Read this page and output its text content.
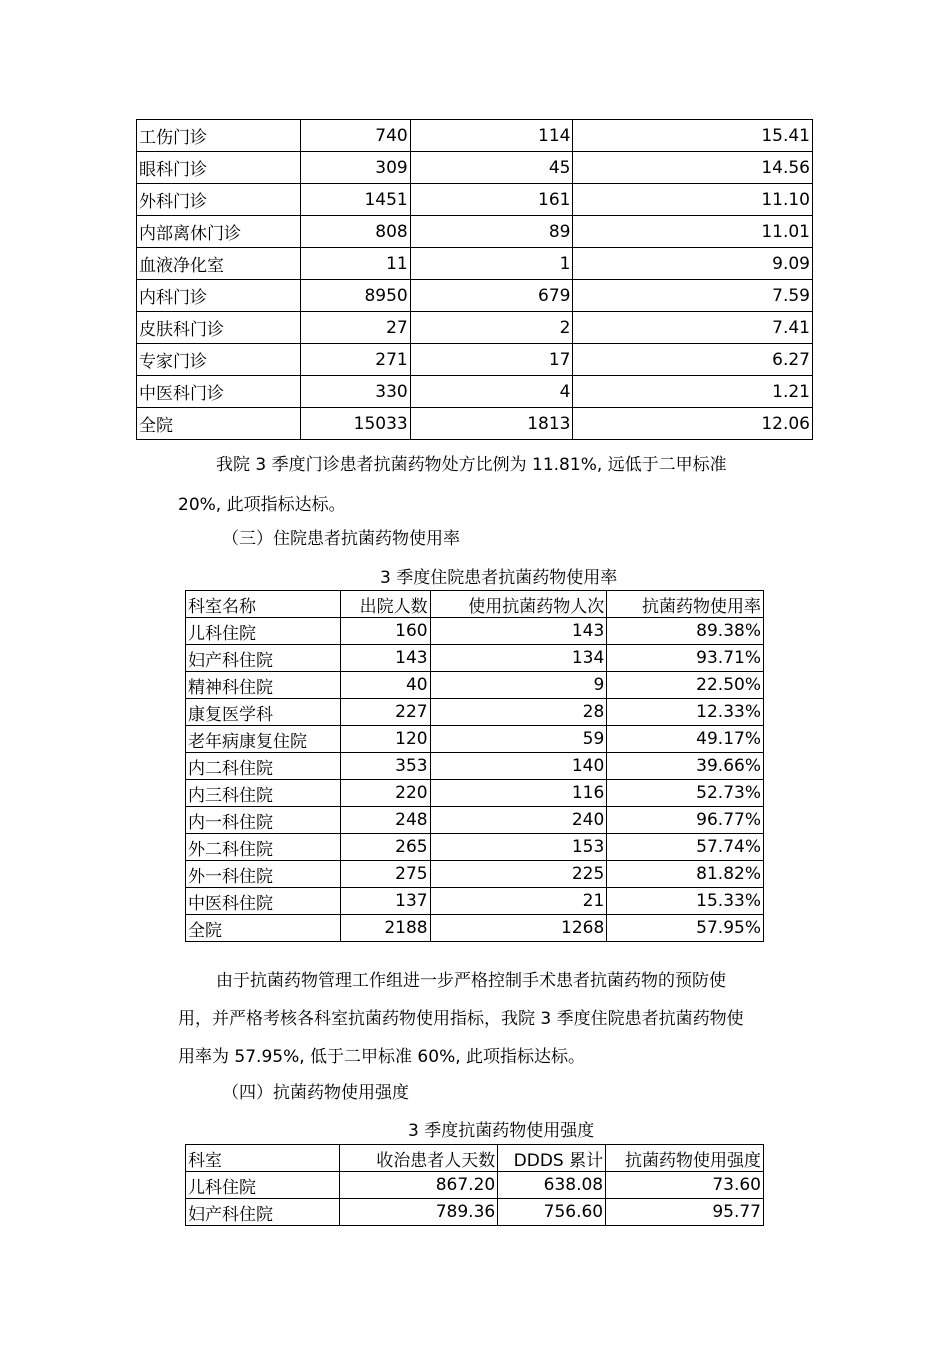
工伤门诊	740	114	15.41
眼科门诊	309	45	14.56
外科门诊	1451	161	11.10
内部离休门诊	808	89	11.01
血液净化室	11	1	9.09
内科门诊	8950	679	7.59
皮肤科门诊	27	2	7.41
专家门诊	271	17	6.27
中医科门诊	330	4	1.21
全院	15033	1813	12.06
我院 3 季度门诊患者抗菌药物处方比例为 11.81%, 远低于二甲标准
20%, 此项指标达标。
（三）住院患者抗菌药物使用率
3 季度住院患者抗菌药物使用率
科室名称	出院人数	使用抗菌药物人次	抗菌药物使用率
儿科住院	160	143	89.38%
妇产科住院	143	134	93.71%
精神科住院	40	9	22.50%
康复医学科	227	28	12.33%
老年病康复住院	120	59	49.17%
内二科住院	353	140	39.66%
内三科住院	220	116	52.73%
内一科住院	248	240	96.77%
外二科住院	265	153	57.74%
外一科住院	275	225	81.82%
中医科住院	137	21	15.33%
全院	2188	1268	57.95%
由于抗菌药物管理工作组进一步严格控制手术患者抗菌药物的预防使
用，并严格考核各科室抗菌药物使用指标，我院 3 季度住院患者抗菌药物使
用率为 57.95%, 低于二甲标准 60%, 此项指标达标。
（四）抗菌药物使用强度
3 季度抗菌药物使用强度
科室	收治患者人天数	DDDS 累计	抗菌药物使用强度
儿科住院	867.20	638.08	73.60
妇产科住院	789.36	756.60	95.77
